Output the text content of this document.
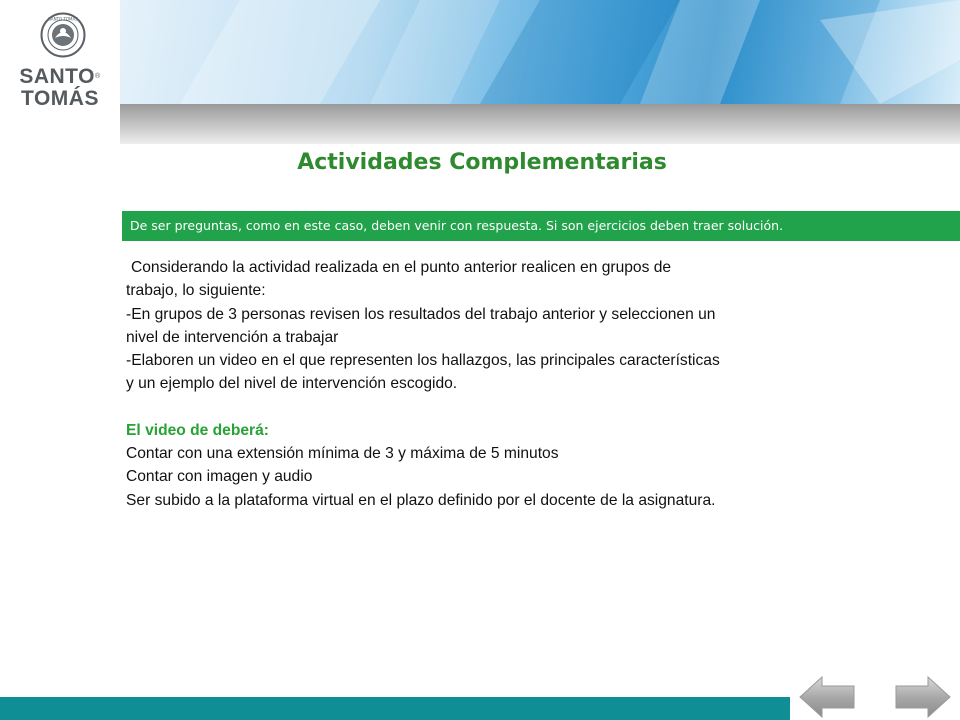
SANTO TOMÁS
SANTO®
TOMÁS
Actividades Complementarias
De ser preguntas, como en este caso, deben venir con respuesta. Si son ejercicios deben traer solución.
Considerando la actividad realizada en el punto anterior realicen en grupos de
trabajo, lo siguiente:
-En grupos de 3 personas revisen los resultados del trabajo anterior y seleccionen un
nivel de intervención a trabajar
-Elaboren un video en el que representen los hallazgos, las principales características
y un ejemplo del nivel de intervención escogido.
El video de deberá:
Contar con una extensión mínima de 3 y máxima de 5 minutos
Contar con imagen y audio
Ser subido a la plataforma virtual en el plazo definido por el docente de la asignatura.
